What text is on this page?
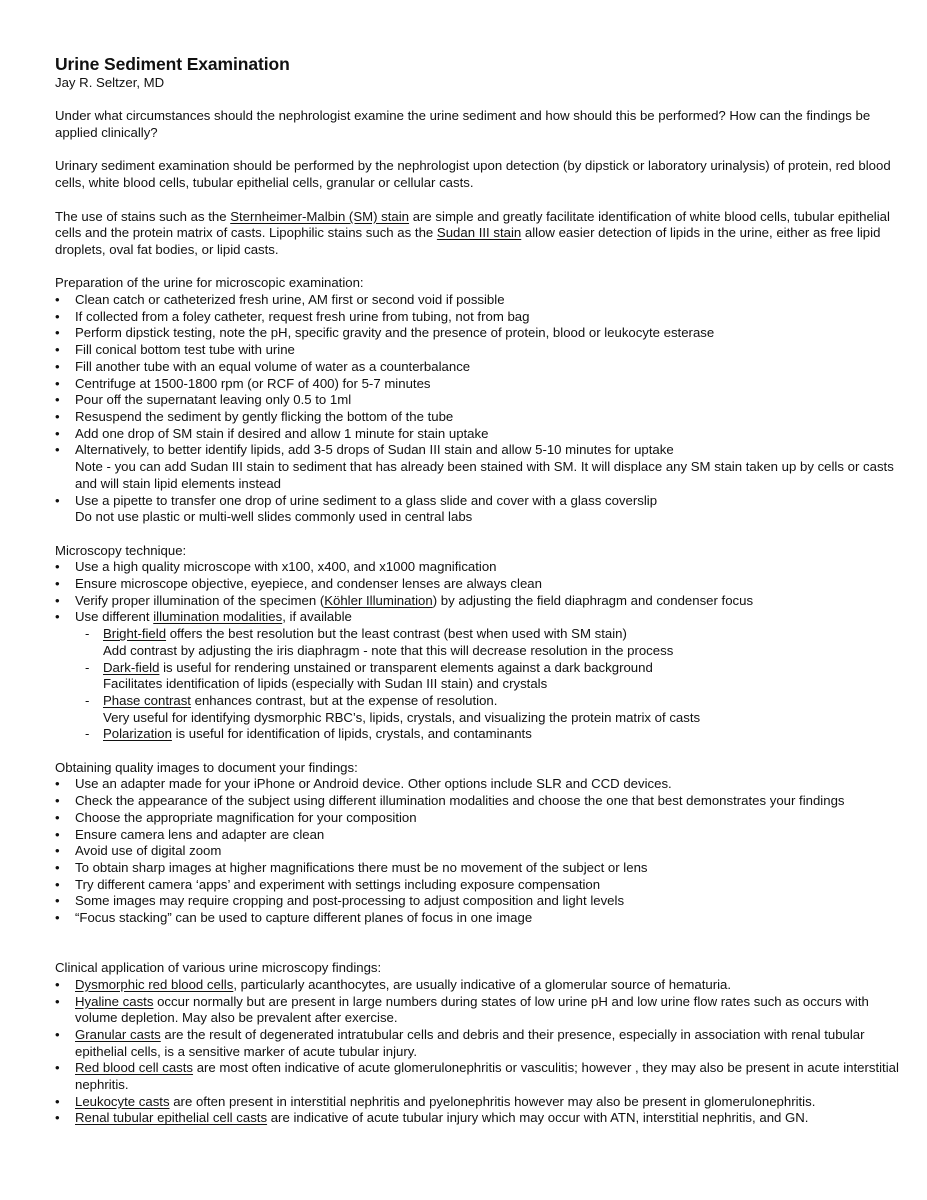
Urine Sediment Examination

Jay R. Seltzer, MD

Under what circumstances should the nephrologist examine the urine sediment and how should this be performed? How can the findings be applied clinically?

Urinary sediment examination should be performed by the nephrologist upon detection (by dipstick or laboratory urinalysis) of protein, red blood cells, white blood cells, tubular epithelial cells, granular or cellular casts.

The use of stains such as the Sternheimer-Malbin (SM) stain are simple and greatly facilitate identification of white blood cells, tubular epithelial cells and the protein matrix of casts. Lipophilic stains such as the Sudan III stain allow easier detection of lipids in the urine, either as free lipid droplets, oval fat bodies, or lipid casts.

Preparation of the urine for microscopic examination:

• Clean catch or catheterized fresh urine, AM first or second void if possible
• If collected from a foley catheter, request fresh urine from tubing, not from bag
• Perform dipstick testing, note the pH, specific gravity and the presence of protein, blood or leukocyte esterase
• Fill conical bottom test tube with urine
• Fill another tube with an equal volume of water as a counterbalance
• Centrifuge at 1500-1800 rpm (or RCF of 400) for 5-7 minutes
• Pour off the supernatant leaving only 0.5 to 1ml
• Resuspend the sediment by gently flicking the bottom of the tube
• Add one drop of SM stain if desired and allow 1 minute for stain uptake
• Alternatively, to better identify lipids, add 3-5 drops of Sudan III stain and allow 5-10 minutes for uptake
Note - you can add Sudan III stain to sediment that has already been stained with SM. It will displace any SM stain taken up by cells or casts and will stain lipid elements instead
• Use a pipette to transfer one drop of urine sediment to a glass slide and cover with a glass coverslip
Do not use plastic or multi-well slides commonly used in central labs

Microscopy technique:

• Use a high quality microscope with x100, x400, and x1000 magnification
• Ensure microscope objective, eyepiece, and condenser lenses are always clean
• Verify proper illumination of the specimen (Köhler Illumination) by adjusting the field diaphragm and condenser focus
• Use different illumination modalities, if available
- Bright-field offers the best resolution but the least contrast (best when used with SM stain)
Add contrast by adjusting the iris diaphragm - note that this will decrease resolution in the process
- Dark-field is useful for rendering unstained or transparent elements against a dark background
Facilitates identification of lipids (especially with Sudan III stain) and crystals
- Phase contrast enhances contrast, but at the expense of resolution.
Very useful for identifying dysmorphic RBC’s, lipids, crystals, and visualizing the protein matrix of casts
- Polarization is useful for identification of lipids, crystals, and contaminants

Obtaining quality images to document your findings:

• Use an adapter made for your iPhone or Android device. Other options include SLR and CCD devices.
• Check the appearance of the subject using different illumination modalities and choose the one that best demonstrates your findings
• Choose the appropriate magnification for your composition
• Ensure camera lens and adapter are clean
• Avoid use of digital zoom
• To obtain sharp images at higher magnifications there must be no movement of the subject or lens
• Try different camera ‘apps’ and experiment with settings including exposure compensation
• Some images may require cropping and post-processing to adjust composition and light levels
• “Focus stacking” can be used to capture different planes of focus in one image

Clinical application of various urine microscopy findings:

• Dysmorphic red blood cells, particularly acanthocytes, are usually indicative of a glomerular source of hematuria.
• Hyaline casts occur normally but are present in large numbers during states of low urine pH and low urine flow rates such as occurs with volume depletion. May also be prevalent after exercise.
• Granular casts are the result of degenerated intratubular cells and debris and their presence, especially in association with renal tubular epithelial cells, is a sensitive marker of acute tubular injury.
• Red blood cell casts are most often indicative of acute glomerulonephritis or vasculitis; however , they may also be present in acute interstitial nephritis.
• Leukocyte casts are often present in interstitial nephritis and pyelonephritis however may also be present in glomerulonephritis.
• Renal tubular epithelial cell casts are indicative of acute tubular injury which may occur with ATN, interstitial nephritis, and GN.
